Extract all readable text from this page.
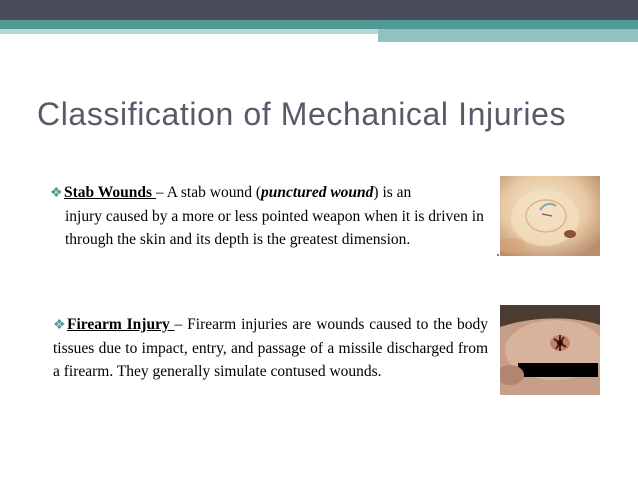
Classification of Mechanical Injuries

❖Stab Wounds – A stab wound (punctured wound) is an
injury caused by a more or less pointed weapon when it is driven in through the skin and its depth is the greatest dimension.

❖Firearm Injury – Firearm injuries are wounds caused to the body tissues due to impact, entry, and passage of a missile discharged from a firearm. They generally simulate contused wounds.
